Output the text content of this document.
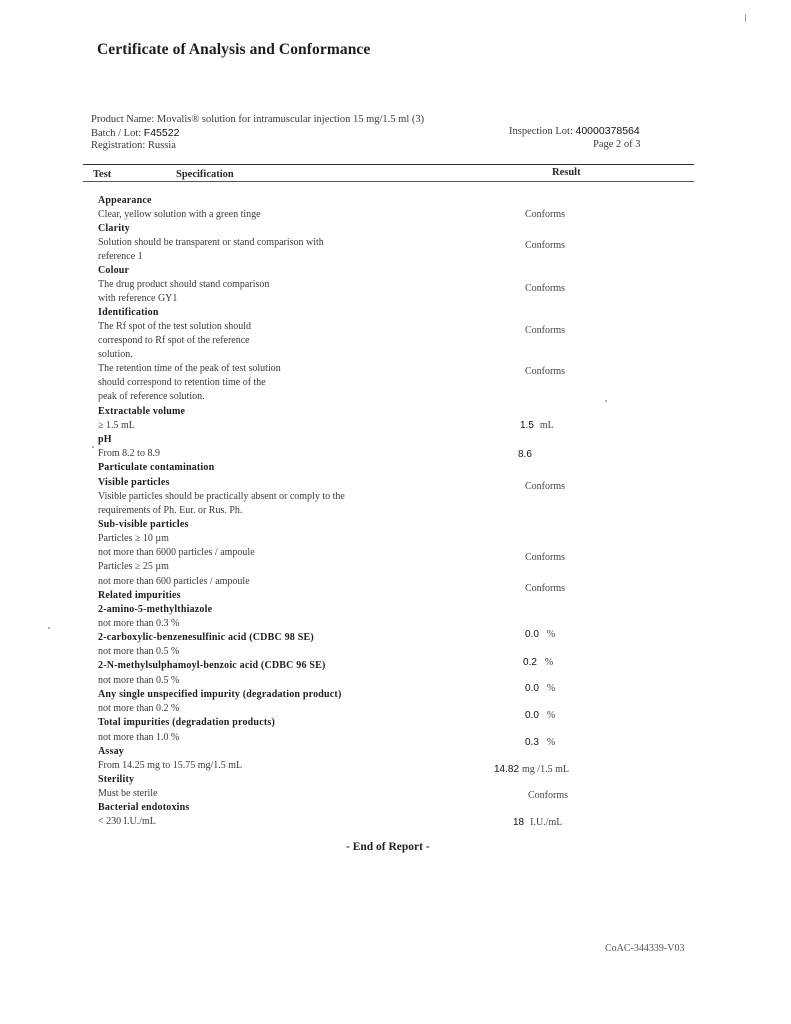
Certificate of Analysis and Conformance
Product Name: Movalis® solution for intramuscular injection 15 mg/1.5 ml (3)
Batch / Lot: F45522
Registration: Russia
Inspection Lot: 40000378564
Page 2 of 3
Test	Specification	Result
Appearance
Clear, yellow solution with a green tinge
Clarity
Solution should be transparent or stand comparison with
reference 1
Colour
The drug product should stand comparison
with reference GY1
Identification
The Rf spot of the test solution should
correspond to Rf spot of the reference
solution.
The retention time of the peak of test solution
should correspond to retention time of the
peak of reference solution.
Extractable volume
≥ 1.5 mL
pH
From 8.2 to 8.9
Particulate contamination
Visible particles
Visible particles should be practically absent or comply to the
requirements of Ph. Eur. or Rus. Ph.
Sub-visible particles
Particles ≥ 10 µm
not more than 6000 particles / ampoule
Particles ≥ 25 µm
not more than 600 particles / ampoule
Related impurities
2-amino-5-methylthiazole
not more than 0.3 %
2-carboxylic-benzenesulfinic acid (CDBC 98 SE)
not more than 0.5 %
2-N-methylsulphamoyl-benzoic acid (CDBC 96 SE)
not more than 0.5 %
Any single unspecified impurity (degradation product)
not more than 0.2 %
Total impurities (degradation products)
not more than 1.0 %
Assay
From 14.25 mg to 15.75 mg/1.5 mL
Sterility
Must be sterile
Bacterial endotoxins
< 230 I.U./mL
Conforms
Conforms
Conforms
Conforms
Conforms
1.5 mL
8.6
Conforms
Conforms
Conforms
0.0 %
0.2 %
0.0 %
0.0 %
0.3 %
14.82 mg /1.5 mL
Conforms
18 I.U./mL
- End of Report -
CoAC-344339-V03
